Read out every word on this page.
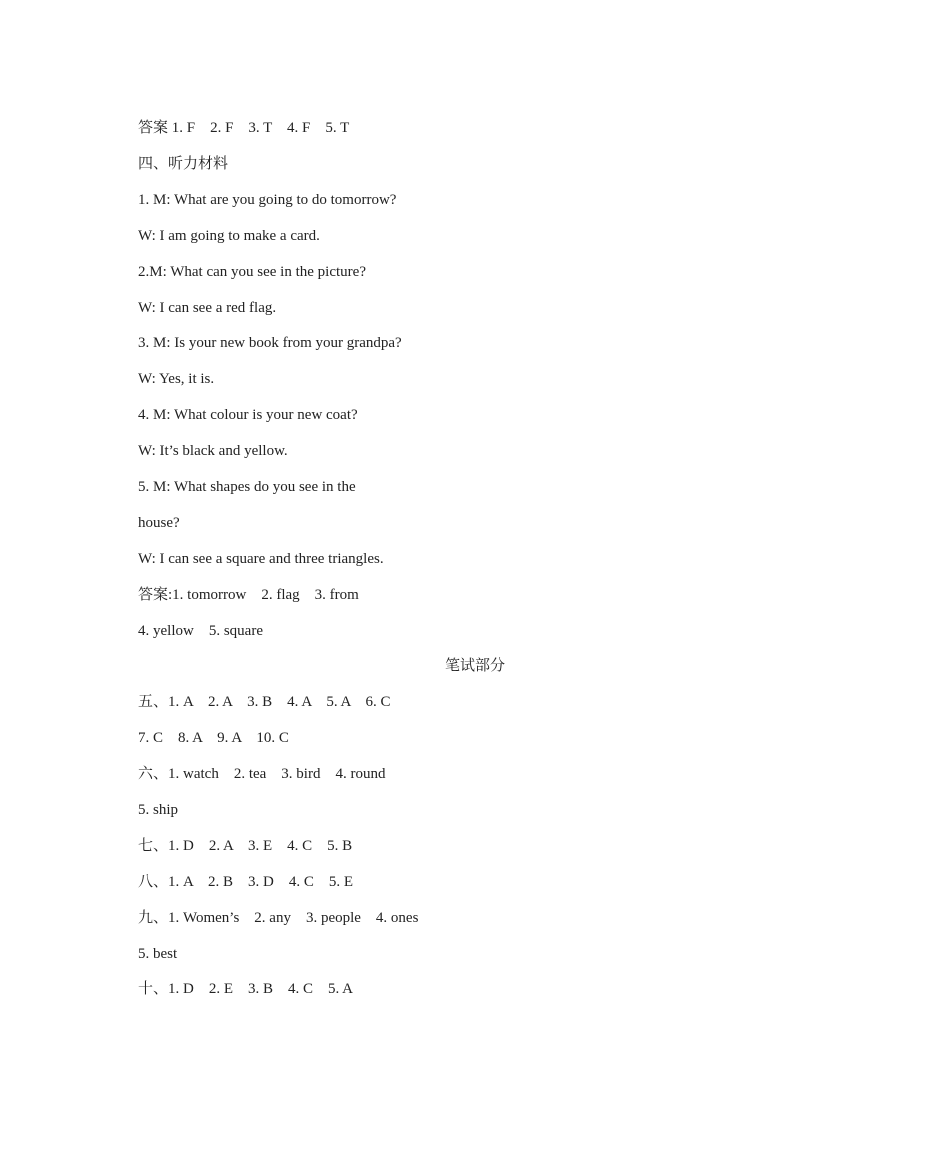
答案 1. F    2. F    3. T    4. F    5. T
四、听力材料
1. M: What are you going to do tomorrow?
W: I am going to make a card.
2.M: What can you see in the picture?
W: I can see a red flag.
3. M: Is your new book from your grandpa?
W: Yes, it is.
4. M: What colour is your new coat?
W: It’s black and yellow.
5. M: What shapes do you see in the
house?
W: I can see a square and three triangles.
答案:1. tomorrow    2. flag    3. from
4. yellow    5. square
笔试部分
五、1. A    2. A    3. B    4. A    5. A    6. C
7. C    8. A    9. A    10. C
六、1. watch    2. tea    3. bird    4. round
5. ship
七、1. D    2. A    3. E    4. C    5. B
八、1. A    2. B    3. D    4. C    5. E
九、1. Women’s    2. any    3. people    4. ones
5. best
十、1. D    2. E    3. B    4. C    5. A
